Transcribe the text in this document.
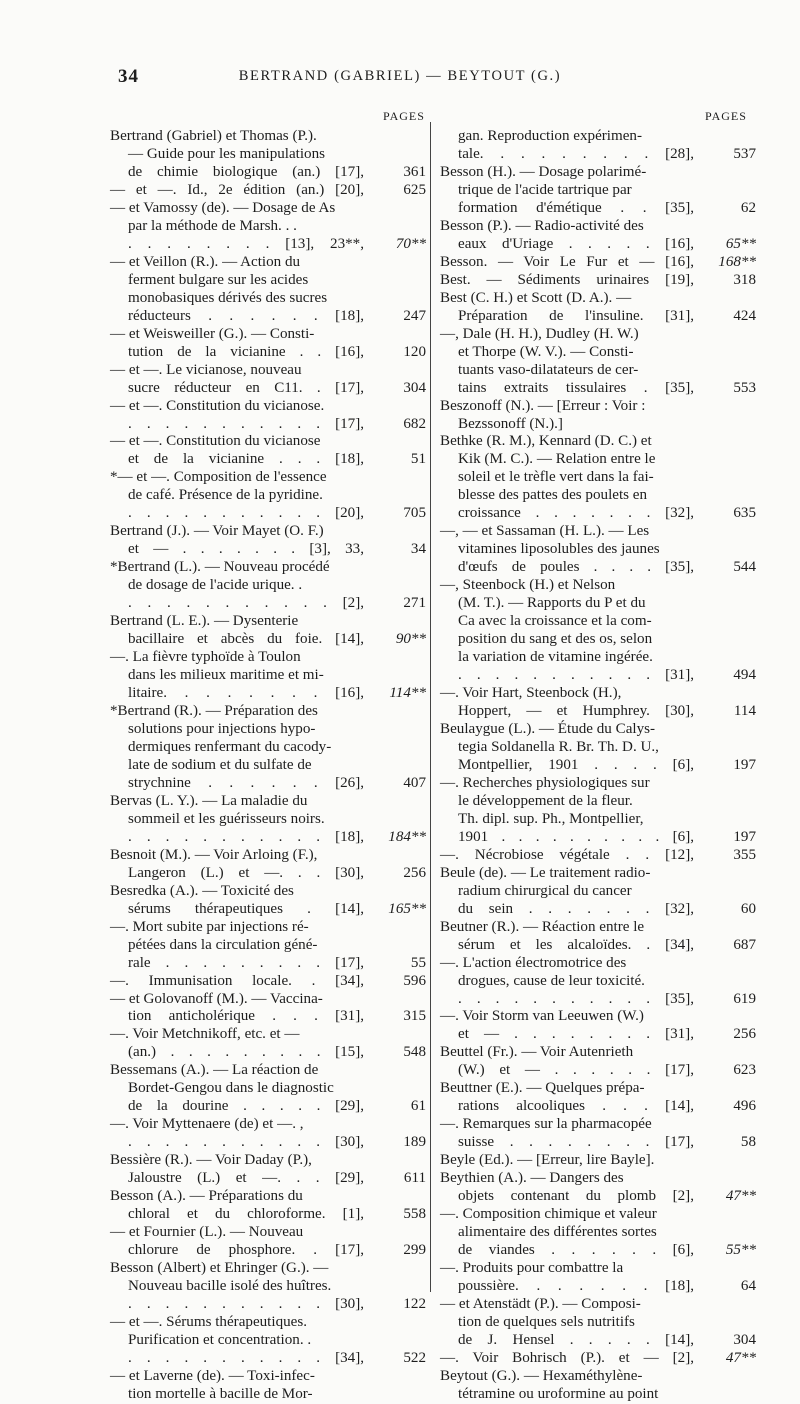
34	BERTRAND (GABRIEL) — BEYTOUT (G.)
PAGES	PAGES
Bertrand (Gabriel) et Thomas (P.).
— Guide pour les manipulations
de chimie biologique (an.) [17],	361
— et —. Id., 2e édition (an.) [20],	625
— et Vamossy (de). — Dosage de As
par la méthode de Marsh. . .
. . . . . . . . [13], 23**, 70**
— et Veillon (R.). — Action du
ferment bulgare sur les acides
monobasiques dérivés des sucres
réducteurs . . . . . . [18],	247
— et Weisweiller (G.). — Consti-
tution de la vicianine . . [16],	120
— et —. Le vicianose, nouveau
sucre réducteur en C11. . [17],	304
— et —. Constitution du vicianose.
. . . . . . . . . . . [17],	682
— et —. Constitution du vicianose
et de la vicianine . . . [18],	51
*— et —. Composition de l'essence
de café. Présence de la pyridine.
. . . . . . . . . . . [20],	705
Bertrand (J.). — Voir Mayet (O. F.)
et — . . . . . . . [3], 33,	34
*Bertrand (L.). — Nouveau procédé
de dosage de l'acide urique. .
. . . . . . . . . . . [2],	271
Bertrand (L. E.). — Dysenterie
bacillaire et abcès du foie. [14], 90**
—. La fièvre typhoïde à Toulon
dans les milieux maritime et mi-
litaire. . . . . . . . [16], 114**
*Bertrand (R.). — Préparation des
solutions pour injections hypo-
dermiques renfermant du cacody-
late de sodium et du sulfate de
strychnine . . . . . . [26],	407
Bervas (L. Y.). — La maladie du
sommeil et les guérisseurs noirs.
. . . . . . . . . . . [18], 184**
Besnoit (M.). — Voir Arloing (F.),
Langeron (L.) et —. . . [30],	256
Besredka (A.). — Toxicité des
sérums thérapeutiques . [14], 165**
—. Mort subite par injections ré-
pétées dans la circulation géné-
rale . . . . . . . . . [17],	55
—. Immunisation locale. . [34],	596
— et Golovanoff (M.). — Vaccina-
tion anticholérique . . . [31],	315
—. Voir Metchnikoff, etc. et —
(an.) . . . . . . . . . [15],	548
Bessemans (A.). — La réaction de
Bordet-Gengou dans le diagnostic
de la dourine . . . . . [29],	61
—. Voir Myttenaere (de) et —. ,
. . . . . . . . . . . [30],	189
Bessière (R.). — Voir Daday (P.),
Jaloustre (L.) et —. . . [29],	611
Besson (A.). — Préparations du
chloral et du chloroforme. [1],	558
— et Fournier (L.). — Nouveau
chlorure de phosphore. . [17],	299
Besson (Albert) et Ehringer (G.). —
Nouveau bacille isolé des huîtres.
. . . . . . . . . . . [30],	122
— et —. Sérums thérapeutiques.
Purification et concentration. .
. . . . . . . . . . . [34],	522
— et Laverne (de). — Toxi-infec-
tion mortelle à bacille de Mor-
gan. Reproduction expérimen-
tale. . . . . . . . . [28],	537
Besson (H.). — Dosage polarimé-
trique de l'acide tartrique par
formation d'émétique . . [35],	62
Besson (P.). — Radio-activité des
eaux d'Uriage . . . . . [16], 65**
Besson. — Voir Le Fur et — [16], 168**
Best. — Sédiments urinaires [19],	318
Best (C. H.) et Scott (D. A.). —
Préparation de l'insuline. [31],	424
—, Dale (H. H.), Dudley (H. W.)
et Thorpe (W. V.). — Consti-
tuants vaso-dilatateurs de cer-
tains extraits tissulaires . [35],	553
Beszonoff (N.). — [Erreur : Voir :
Bezssonoff (N.).]
Bethke (R. M.), Kennard (D. C.) et
Kik (M. C.). — Relation entre le
soleil et le trèfle vert dans la fai-
blesse des pattes des poulets en
croissance . . . . . . . [32],	635
—, — et Sassaman (H. L.). — Les
vitamines liposolubles des jaunes
d'œufs de poules . . . . [35],	544
—, Steenbock (H.) et Nelson
(M. T.). — Rapports du P et du
Ca avec la croissance et la com-
position du sang et des os, selon
la variation de vitamine ingérée.
. . . . . . . . . . . [31],	494
—. Voir Hart, Steenbock (H.),
Hoppert, — et Humphrey. [30],	114
Beulaygue (L.). — Étude du Calys-
tegia Soldanella R. Br. Th. D. U.,
Montpellier, 1901 . . . . [6],	197
—. Recherches physiologiques sur
le développement de la fleur.
Th. dipl. sup. Ph., Montpellier,
1901 . . . . . . . . . . [6],	197
—. Nécrobiose végétale . . [12],	355
Beule (de). — Le traitement radio-
radium chirurgical du cancer
du sein . . . . . . . [32],	60
Beutner (R.). — Réaction entre le
sérum et les alcaloïdes. . [34],	687
—. L'action électromotrice des
drogues, cause de leur toxicité.
. . . . . . . . . . . [35],	619
—. Voir Storm van Leeuwen (W.)
et — . . . . . . . . [31],	256
Beuttel (Fr.). — Voir Autenrieth
(W.) et — . . . . . . [17],	623
Beuttner (E.). — Quelques prépa-
rations alcooliques . . . [14],	496
—. Remarques sur la pharmacopée
suisse . . . . . . . . [17],	58
Beyle (Ed.). — [Erreur, lire Bayle].
Beythien (A.). — Dangers des
objets contenant du plomb [2], 47**
—. Composition chimique et valeur
alimentaire des différentes sortes
de viandes . . . . . . [6], 55**
—. Produits pour combattre la
poussière. . . . . . . [18],	64
— et Atenstädt (P.). — Composi-
tion de quelques sels nutritifs
de J. Hensel . . . . . [14],	304
—. Voir Bohrisch (P.). et — [2], 47**
Beytout (G.). — Hexaméthylène-
tétramine ou uroformine au point
